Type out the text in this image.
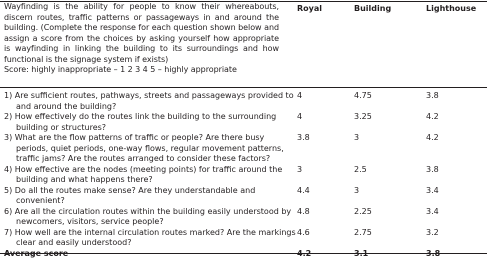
Wayfinding is the ability for people to know their whereabouts, discern routes, traffic patterns or passageways in and around the building. (Complete the response for each question shown below and assign a score from the choices by asking yourself how appropriate is wayfinding in linking the building to its surroundings and how functional is the signage system if exists)

Score: highly inappropriate – 1 2 3 4 5 – highly appropriate

Royal	Building	Lighthouse
1) Are sufficient routes, pathways, streets and passageways provided to and around the building?
4	4.75	3.8
2) How effectively do the routes link the building to the surrounding building or structures?
4	3.25	4.2
3) What are the flow patterns of traffic or people? Are there busy periods, quiet periods, one-way flows, regular movement patterns, traffic jams? Are the routes arranged to consider these factors?
3.8	3	4.2
4) How effective are the nodes (meeting points) for traffic around the building and what happens there?
3	2.5	3.8
5) Do all the routes make sense? Are they understandable and convenient?
4.4	3	3.4
6) Are all the circulation routes within the building easily understood by newcomers, visitors, service people?
4.8	2.25	3.4
7) How well are the internal circulation routes marked? Are the markings clear and easily understood?
4.6	2.75	3.2
Average score	4.2	3.1	3.8
